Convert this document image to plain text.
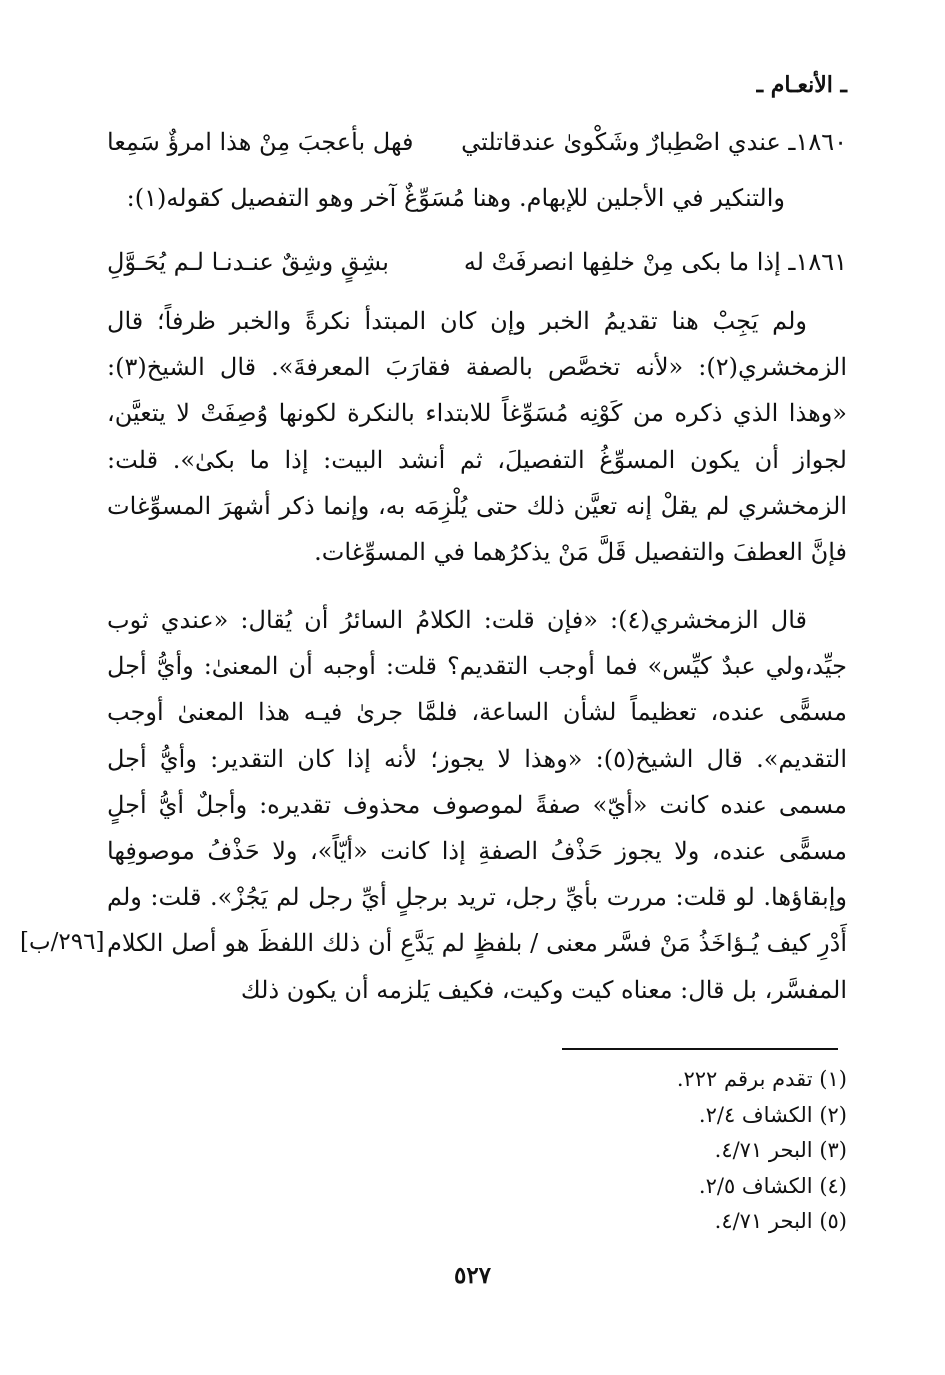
ـ الأنعـام ـ
١٨٦٠ـ عندي اصْطِبارٌ وشَكْوىٰ عندقاتلتي
فهل بأعجبَ مِنْ هذا امرؤٌ سَمِعا
والتنكير في الأجلين للإبهام. وهنا مُسَوِّغٌ آخر وهو التفصيل كقوله(١):
١٨٦١ـ إذا ما بكى مِنْ خلفِها انصرفَتْ له
بشِقٍ وشِقٌ عنـدنـا لـم يُحَـوَّلِ
ولم يَجِبْ هنا تقديمُ الخبر وإن كان المبتدأ نكرةً والخبر ظرفاً؛ قال الزمخشري(٢): «لأنه تخصَّص بالصفة فقارَبَ المعرفةَ». قال الشيخ(٣): «وهذا الذي ذكره من كَوْنِه مُسَوِّغاً للابتداء بالنكرة لكونها وُصِفَتْ لا يتعيَّن، لجواز أن يكون المسوِّغُ التفصيلَ، ثم أنشد البيت: إذا ما بكىٰ». قلت: الزمخشري لم يقلْ إنه تعيَّن ذلك حتى يُلْزِمَه به، وإنما ذكر أشهرَ المسوِّغات فإنَّ العطفَ والتفصيل قَلَّ مَنْ يذكرُهما في المسوِّغات.
قال الزمخشري(٤): «فإن قلت: الكلامُ السائرُ أن يُقال: «عندي ثوب جيِّد،ولي عبدٌ كيِّس» فما أوجب التقديم؟ قلت: أوجبه أن المعنىٰ: وأيُّ أجل مسمًّى عنده، تعظيماً لشأن الساعة، فلمَّا جرىٰ فيـه هذا المعنىٰ أوجب التقديم». قال الشيخ(٥): «وهذا لا يجوز؛ لأنه إذا كان التقدير: وأيُّ أجل مسمى عنده كانت «أيّ» صفةً لموصوف محذوف تقديره: وأجلٌ أيُّ أجلٍ مسمًّى عنده، ولا يجوز حَذْفُ الصفةِ إذا كانت «أيّاً»، ولا حَذْفُ موصوفِها وإبقاؤها. لو قلت: مررت بأيِّ رجل، تريد برجلٍ أيِّ رجل لم يَجُزْ». قلت: ولم أَدْرِ كيف يُـؤاخَذُ مَنْ فسَّر معنى / بلفظٍ لم يَدَّعِ أن ذلك اللفظَ هو أصل الكلام المفسَّر، بل قال: معناه كيت وكيت، فكيف يَلزمه أن يكون ذلك
[٢٩٦/ب]
(١) تقدم برقم ٢٢٢.
(٢) الكشاف ٢/٤.
(٣) البحر ٤/٧١.
(٤) الكشاف ٢/٥.
(٥) البحر ٤/٧١.
٥٢٧
